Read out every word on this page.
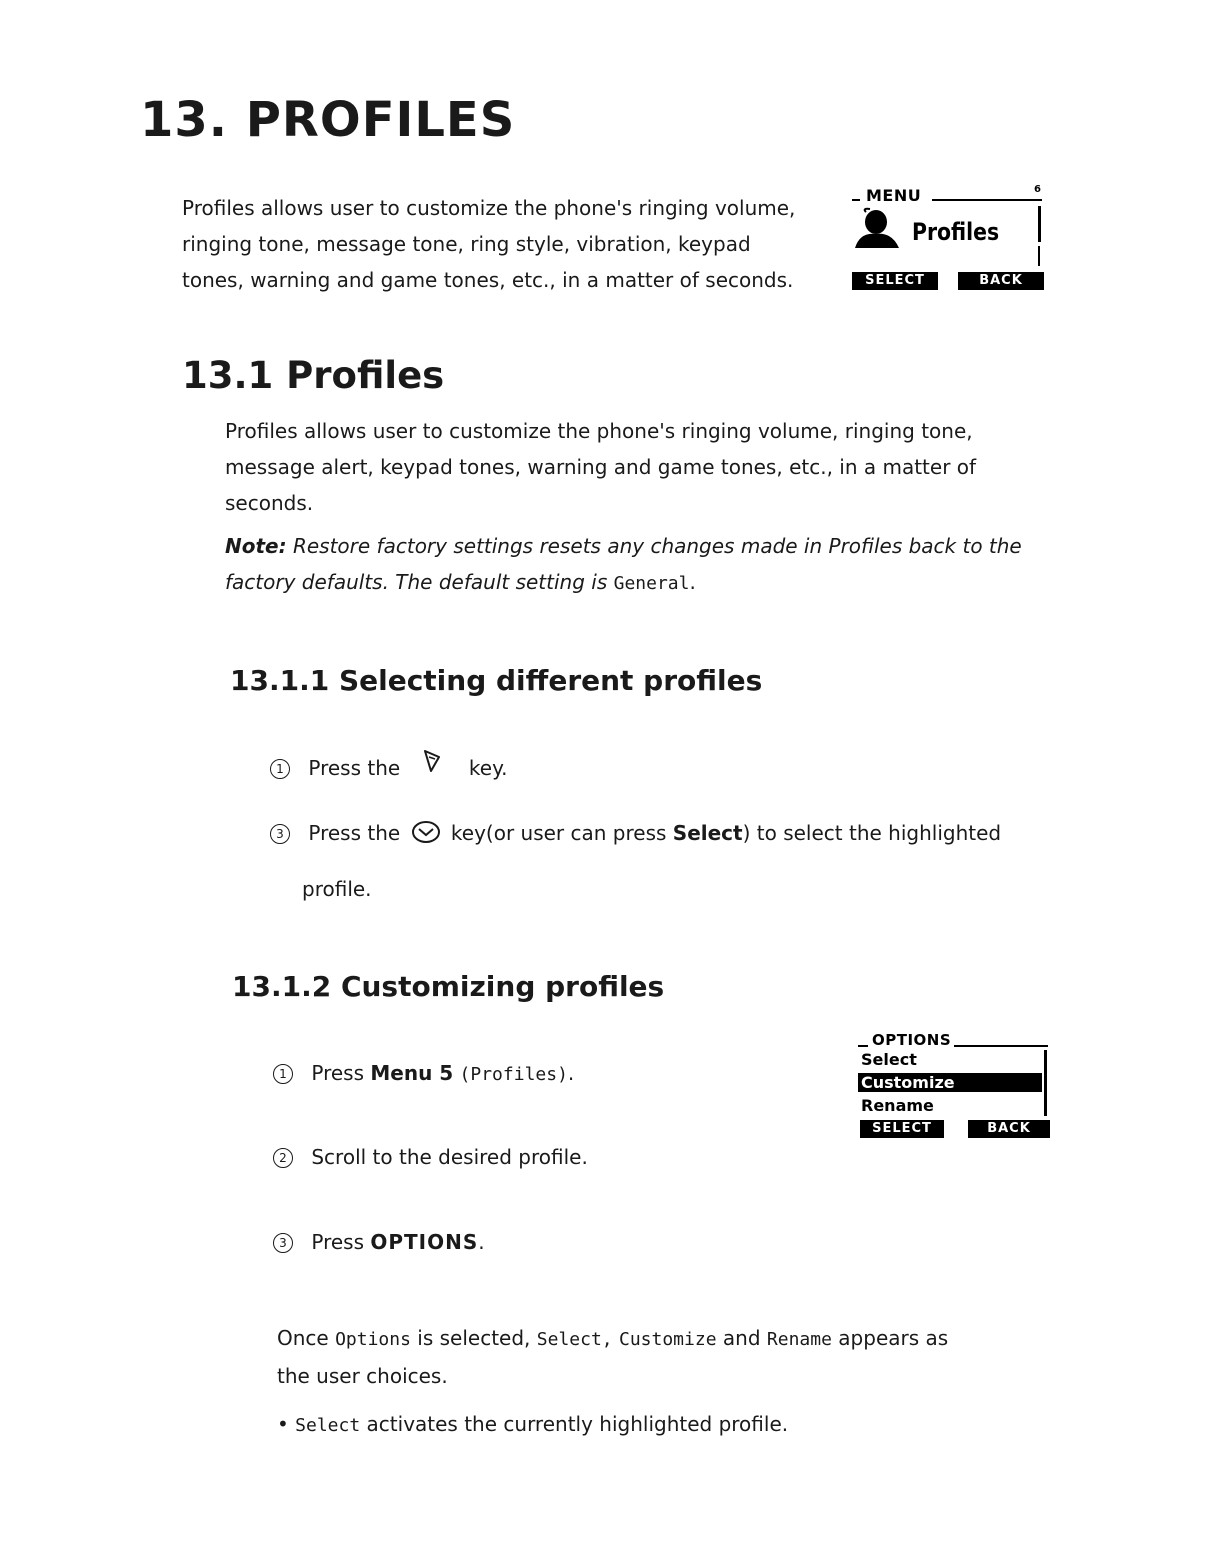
13. PROFILES
Profiles allows user to customize the phone's ringing volume,
ringing tone, message tone, ring style, vibration, keypad
tones, warning and game tones, etc., in a matter of seconds.
MENU	6
Profiles
SELECT	BACK
13.1 Profiles
Profiles allows user to customize the phone's ringing volume, ringing tone,
message alert, keypad tones, warning and game tones, etc., in a matter of
seconds.
Note: Restore factory settings resets any changes made in Profiles back to the
factory defaults. The default setting is General.
13.1.1 Selecting different profiles
1 Press the	key.
3 Press the	key(or user can press Select) to select the highlighted
profile.
13.1.2 Customizing profiles
1 Press Menu 5 (Profiles).
2 Scroll to the desired profile.
3 Press OPTIONS.
OPTIONS
Select
Customize
Rename
SELECT	BACK
Once Options is selected, Select, Customize and Rename appears as
the user choices.
• Select activates the currently highlighted profile.
